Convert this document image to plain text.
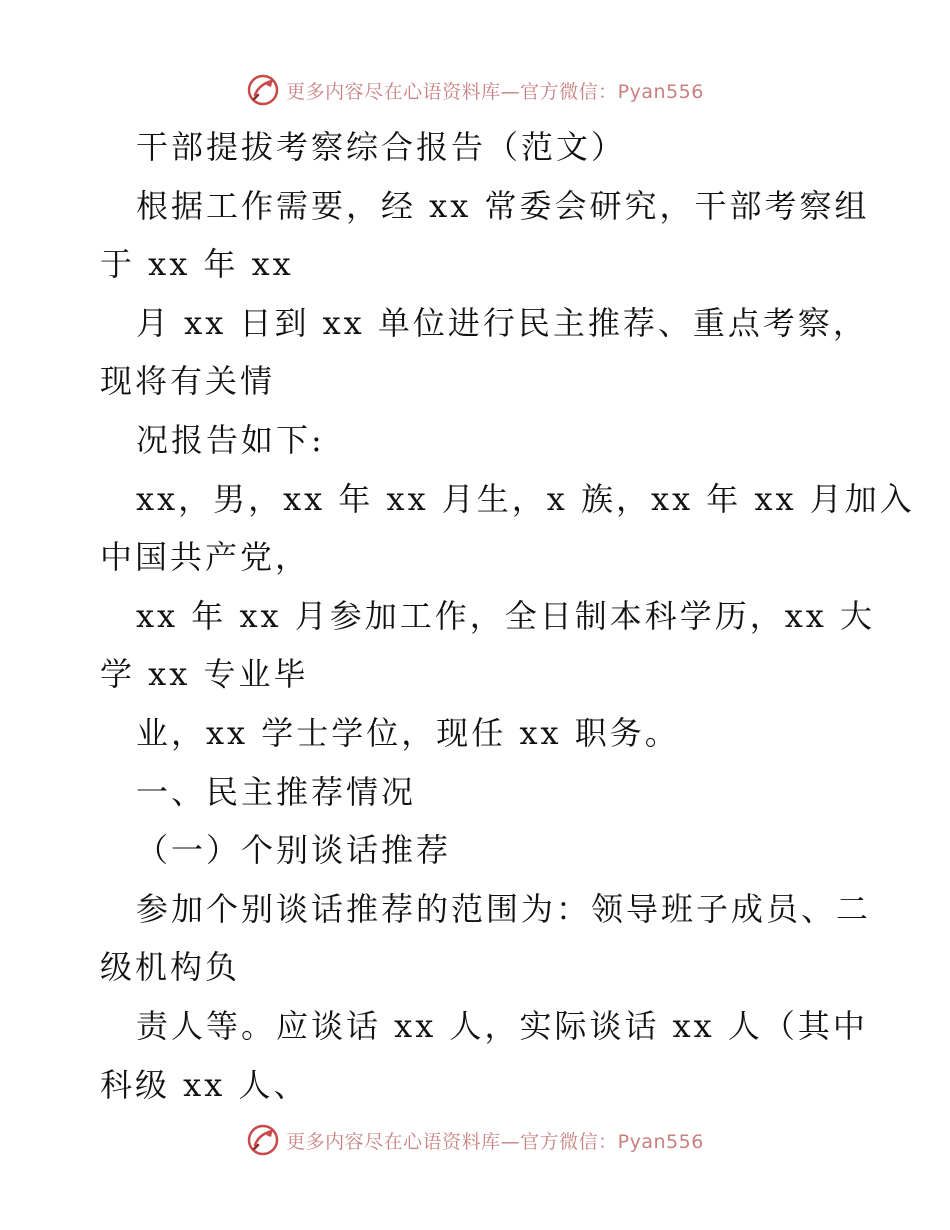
更多内容尽在心语资料库—官方微信：Pyan556
干部提拔考察综合报告（范文）
根据工作需要，经 xx 常委会研究，干部考察组
于 xx 年 xx
月 xx 日到 xx 单位进行民主推荐、重点考察，
现将有关情
况报告如下:
xx，男，xx 年 xx 月生，x 族，xx 年 xx 月加入
中国共产党，
xx 年 xx 月参加工作，全日制本科学历，xx 大
学 xx 专业毕
业，xx 学士学位，现任 xx 职务。
一、民主推荐情况
（一）个别谈话推荐
参加个别谈话推荐的范围为：领导班子成员、二
级机构负
责人等。应谈话 xx 人，实际谈话 xx 人（其中
科级 xx 人、
更多内容尽在心语资料库—官方微信：Pyan556
